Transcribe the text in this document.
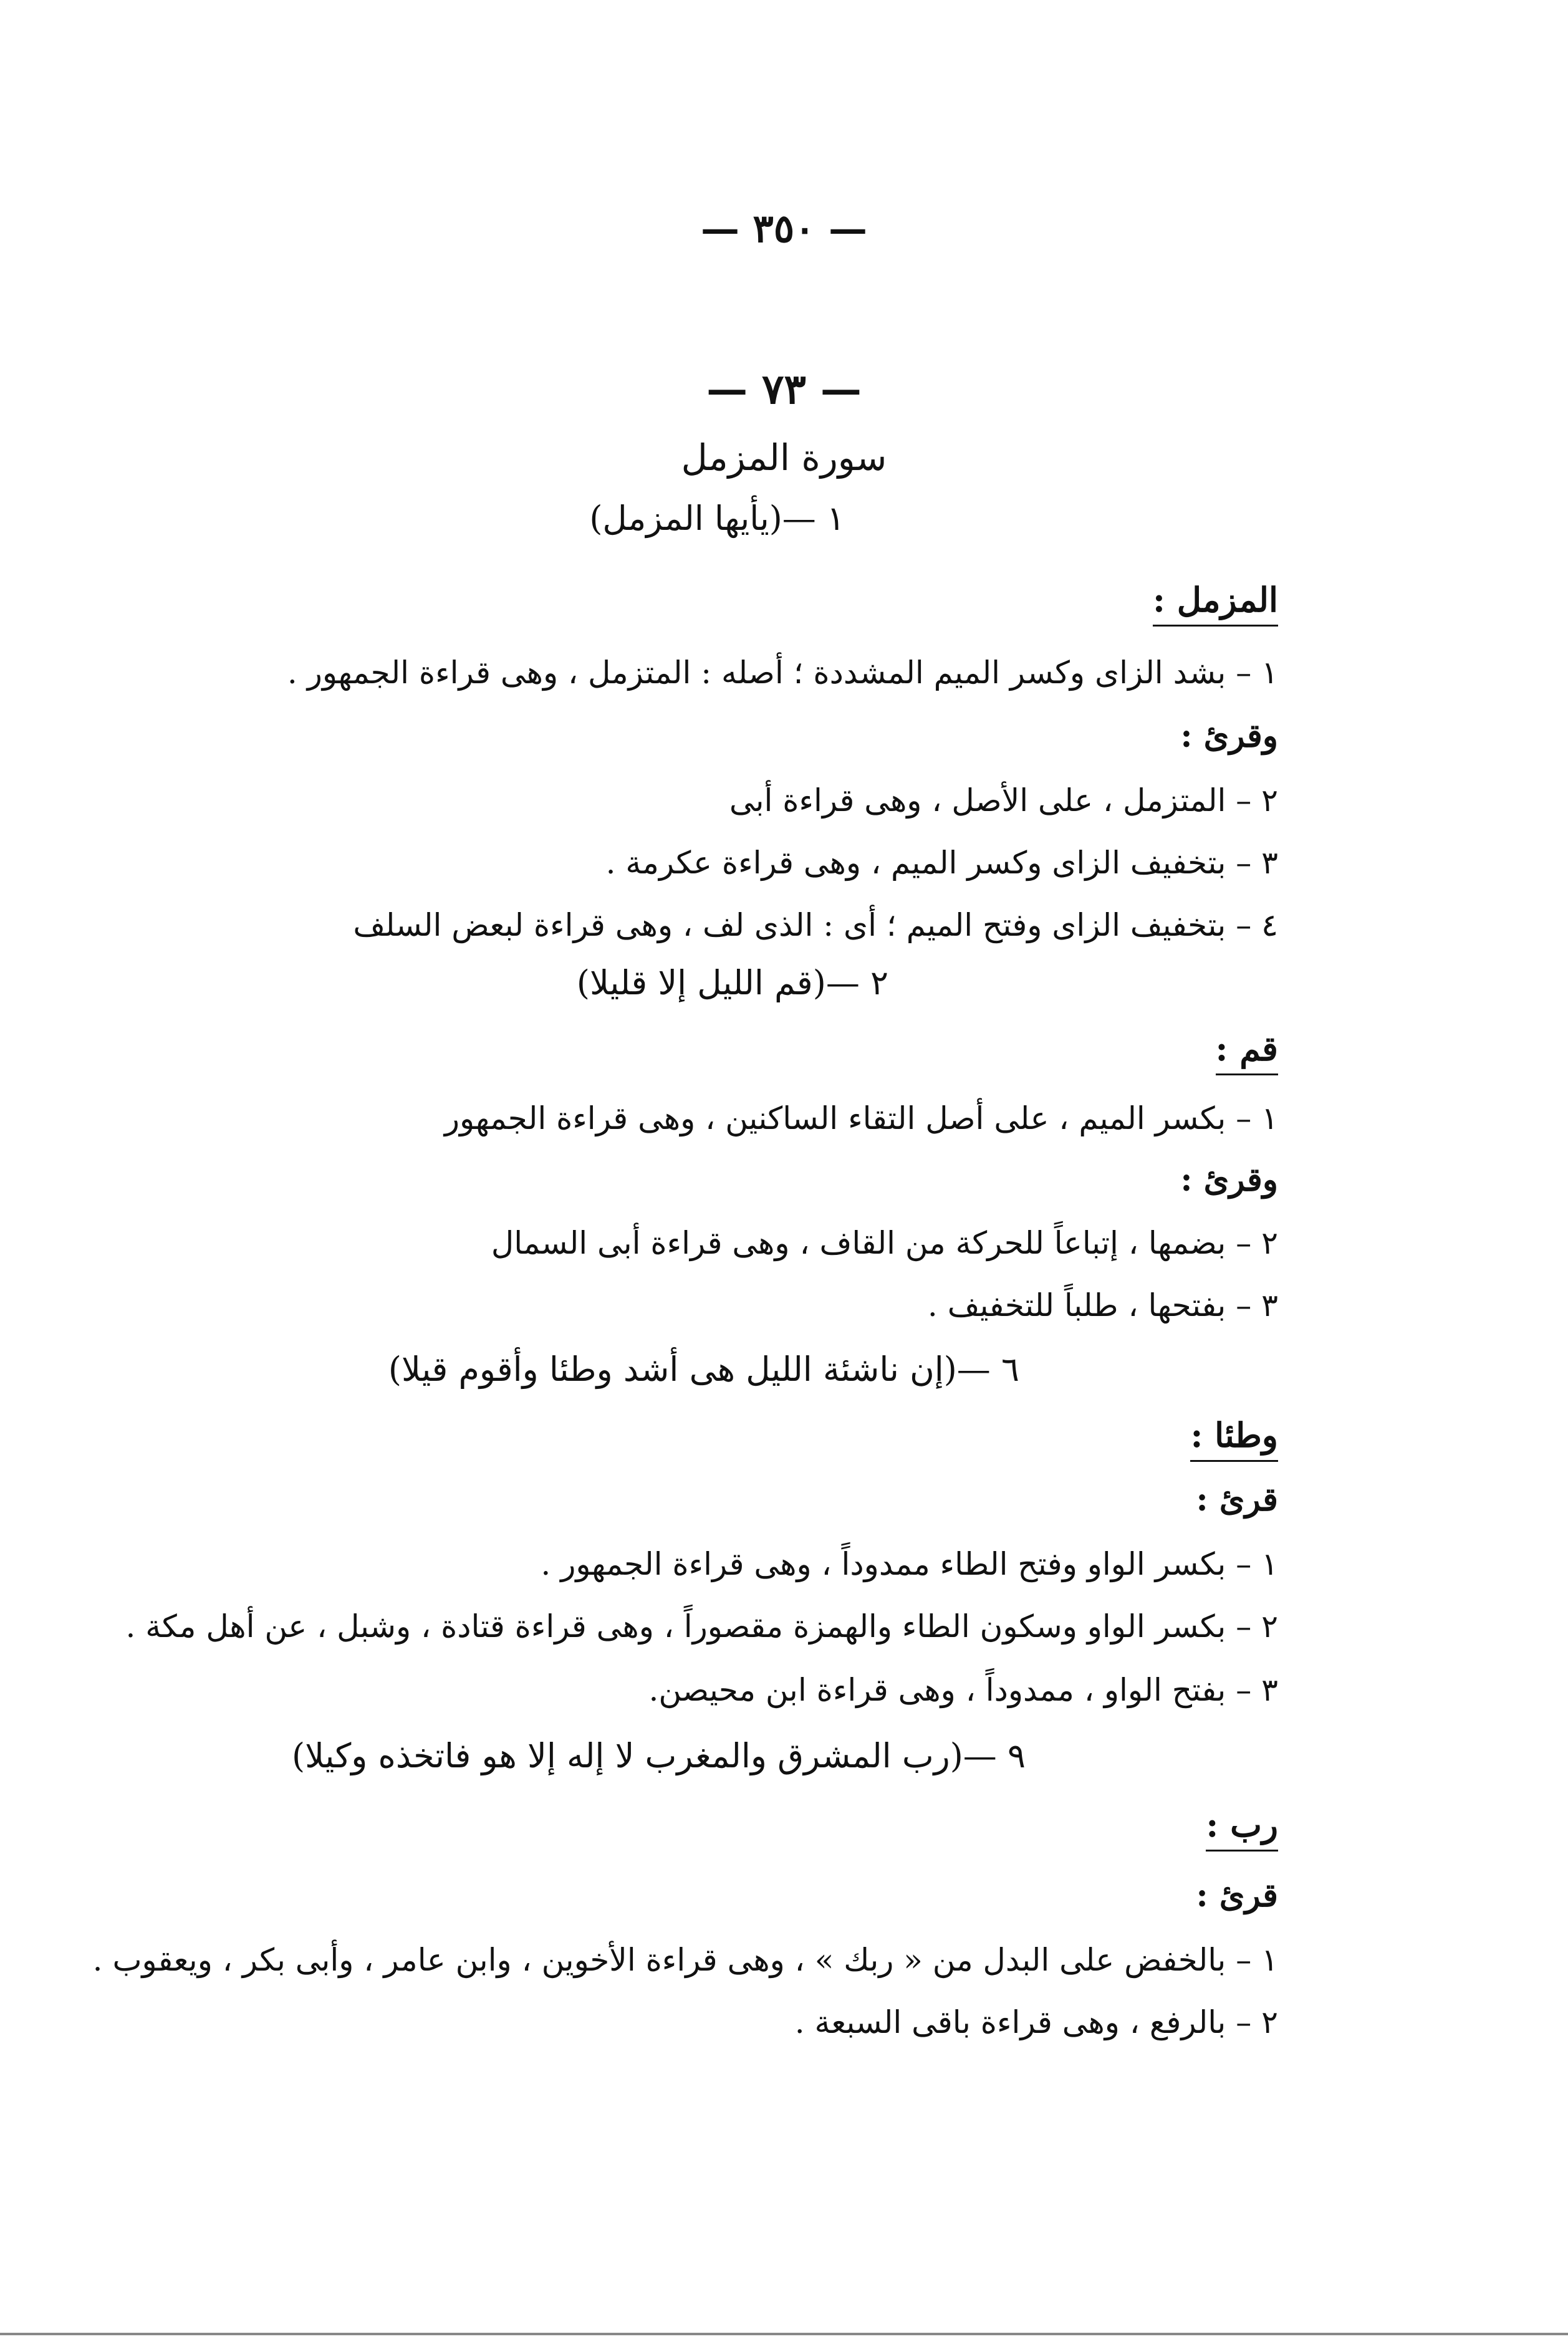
— ٣٥٠ —
— ٧٣ —
سورة المزمل
١ —(يأيها المزمل)
المزمل :
١ – بشد الزاى وكسر الميم المشددة ؛ أصله : المتزمل ، وهى قراءة الجمهور .
وقرئ :
٢ – المتزمل ، على الأصل ، وهى قراءة أبى
٣ – بتخفيف الزاى وكسر الميم ، وهى قراءة عكرمة .
٤ – بتخفيف الزاى وفتح الميم ؛ أى : الذى لف ، وهى قراءة لبعض السلف
٢ —(قم الليل إلا قليلا)
قم :
١ – بكسر الميم ، على أصل التقاء الساكنين ، وهى قراءة الجمهور
وقرئ :
٢ – بضمها ، إتباعاً للحركة من القاف ، وهى قراءة أبى السمال
٣ – بفتحها ، طلباً للتخفيف .
٦ —(إن ناشئة الليل هى أشد وطئا وأقوم قيلا)
وطئا :
قرئ :
١ – بكسر الواو وفتح الطاء ممدوداً ، وهى قراءة الجمهور .
٢ – بكسر الواو وسكون الطاء والهمزة مقصوراً ، وهى قراءة قتادة ، وشبل ، عن أهل مكة .
٣ – بفتح الواو ، ممدوداً ، وهى قراءة ابن محيصن.
٩ —(رب المشرق والمغرب لا إله إلا هو فاتخذه وكيلا)
رب :
قرئ :
١ – بالخفض على البدل من « ربك » ، وهى قراءة الأخوين ، وابن عامر ، وأبى بكر ، ويعقوب .
٢ – بالرفع ، وهى قراءة باقى السبعة .
